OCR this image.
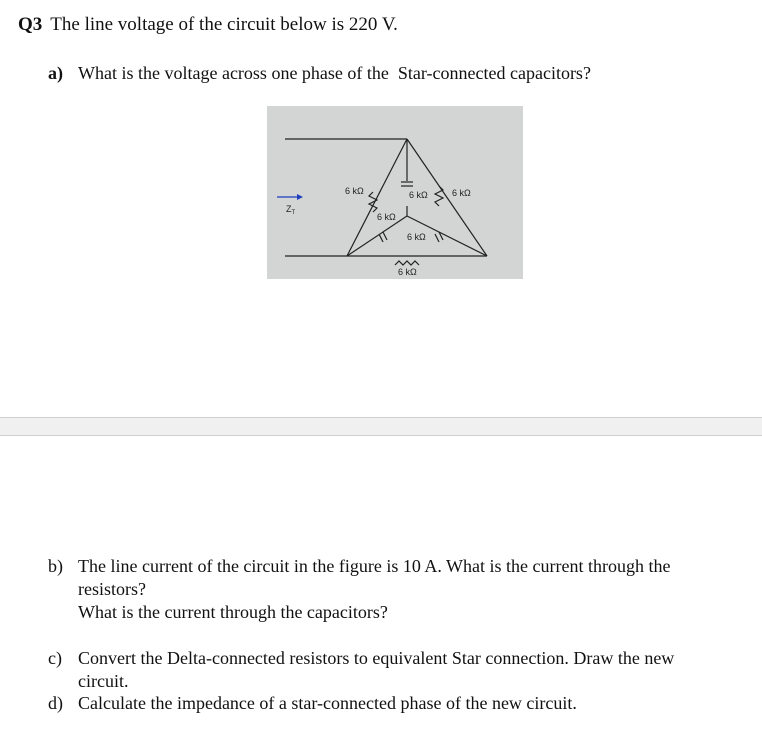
Q3 The line voltage of the circuit below is 220 V.
a) What is the voltage across one phase of the  Star-connected capacitors?
$Z_T$
6 kΩ	6 kΩ	6 kΩ
6 kΩ
6 kΩ
6 kΩ
b) The line current of the circuit in the figure is 10 A. What is the current through the
resistors?
What is the current through the capacitors?
c) Convert the Delta-connected resistors to equivalent Star connection. Draw the new
circuit.
d) Calculate the impedance of a star-connected phase of the new circuit.
